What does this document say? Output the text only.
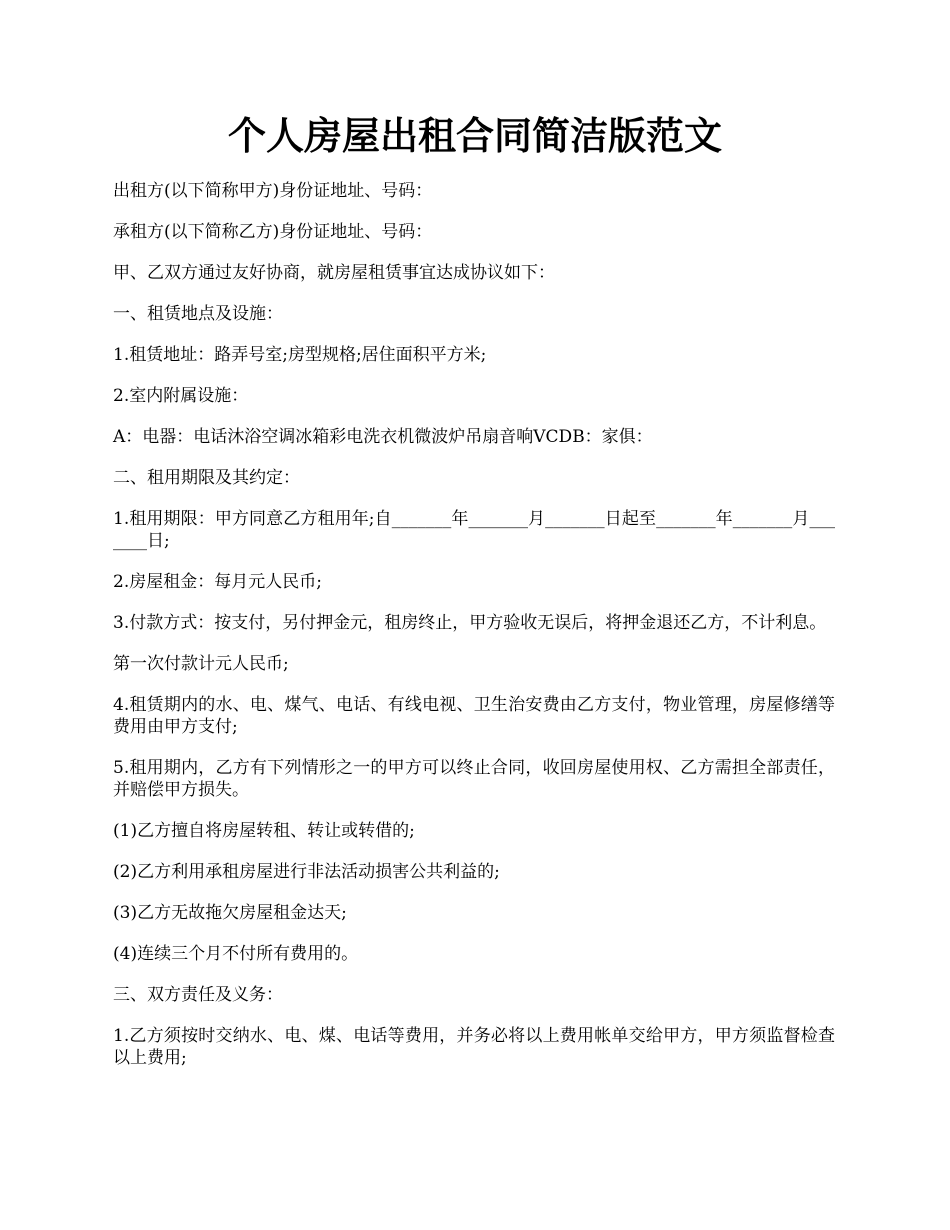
个人房屋出租合同简洁版范文

出租方(以下简称甲方)身份证地址、号码：

承租方(以下简称乙方)身份证地址、号码：

甲、乙双方通过友好协商，就房屋租赁事宜达成协议如下：

一、租赁地点及设施：

1.租赁地址：路弄号室;房型规格;居住面积平方米;

2.室内附属设施：

A：电器：电话沐浴空调冰箱彩电洗衣机微波炉吊扇音响VCDB：家俱：

二、租用期限及其约定：

1.租用期限：甲方同意乙方租用年;自_______年_______月_______日起至_______年_______月_______日;

2.房屋租金：每月元人民币;

3.付款方式：按支付，另付押金元，租房终止，甲方验收无误后，将押金退还乙方，不计利息。

第一次付款计元人民币;

4.租赁期内的水、电、煤气、电话、有线电视、卫生治安费由乙方支付，物业管理，房屋修缮等费用由甲方支付;

5.租用期内，乙方有下列情形之一的甲方可以终止合同，收回房屋使用权、乙方需担全部责任，并赔偿甲方损失。

(1)乙方擅自将房屋转租、转让或转借的;

(2)乙方利用承租房屋进行非法活动损害公共利益的;

(3)乙方无故拖欠房屋租金达天;

(4)连续三个月不付所有费用的。

三、双方责任及义务：

1.乙方须按时交纳水、电、煤、电话等费用，并务必将以上费用帐单交给甲方，甲方须监督检查以上费用;
